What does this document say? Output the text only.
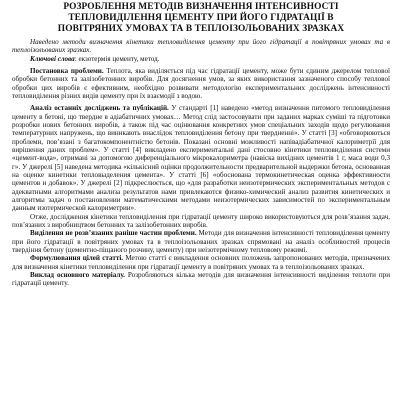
РОЗРОБЛЕННЯ МЕТОДІВ ВИЗНАЧЕННЯ ІНТЕНСИВНОСТІ
ТЕПЛОВИДІЛЕННЯ ЦЕМЕНТУ ПРИ ЙОГО ГІДРАТАЦІЇ В
ПОВІТРЯНИХ УМОВАХ ТА В ТЕПЛОІЗОЛЬОВАНИХ ЗРАЗКАХ

Наведено методи визначення кінетики тепловиділення цементу при його гідратації в повітряних умовах та в теплоізольованих зразках.

Ключові слова: екзотермія цементу, метод.

Постановка проблеми. Теплота, яка виділяється під час гідратації цементу, може бути єдиним джерелом теплової обробки бетонних та залізобетонних виробів. Для досягнення умов, за яких використання зазначеного способу теплової обробки цих виробів є ефективним, необхідно розвивати методологію експериментальних досліджень інтенсивності тепловиділення різних видів цементу при їх взаємодії з водою.

Аналіз останніх досліджень та публікацій. У стандарті [1] наведено «метод визначення питомого тепловиділення цементу в бетоні, що твердне в адіабатичних умовах… Метод слід застосовувати при заданих марках суміші та підготовки розробки нових бетонних виробів, а також під час оцінювання конкретних умов спеціальних заходів щодо регулювання температурних напружень, що виникають внаслідок тепловиділення бетону при твердненні». У статті [3] «обговорюються проблеми, пов’язані з багатокомпонентністю бетонів. Показані основні можливості напівадіабатичної калориметрії для вирішення даних проблем». У статті [4] викладено експериментальні дані стосовно кінетики тепловиділення системи «цемент-вода», отримані за допомогою диференціального мікрокалориметра (навіска вихідних цементів 1 г, маса води 0,3 г». У джерелі [5] наведена методика «кількісний оцінки продолжительности предварительной выдержки бетона, основанная на оценке кинетики тепловыделения цемента». У статті [6] «обоснована термокинетическая оценка эффективности цементов и добавок». У джерелі [2] підкреслюється, що «для разработки неизотермических экспериментальных методов с адекватными алгоритмами анализа результатов нами привлекаются физико-химический анализ развития кинетических и алгоритмы задач о постановлении математическими методами неизотермических зависимостей по экспериментальным данным изотермической калориметрии».

Отже, дослідження кінетики тепловиділення при гідратації цементу широко використовуються для розв’язання задач, пов’язаних з виробництвом бетонних та залізобетонних виробів.

Виділення не розв’язаних раніше частин проблеми. Методи для визначення інтенсивності тепловиділення цементу при його гідратації в повітряних умовах та в теплоізольованих зразках спрямовані на аналіз особливостей процесів твердіння бетону (цементно-піщаного розчину, цементу) при неізотермічному тепловому режимі.

Формулювання цілей статті. Метою статті є викладення основних положень запропонованих методів, призначених для визначення кінетики тепловиділення при гідратації цементу в повітряних умовах та в теплоізольованих зразках.

Виклад основного матеріалу. Розробляються кілька методів для визначення інтенсивності виділення теплоти при гідратації цементу.
